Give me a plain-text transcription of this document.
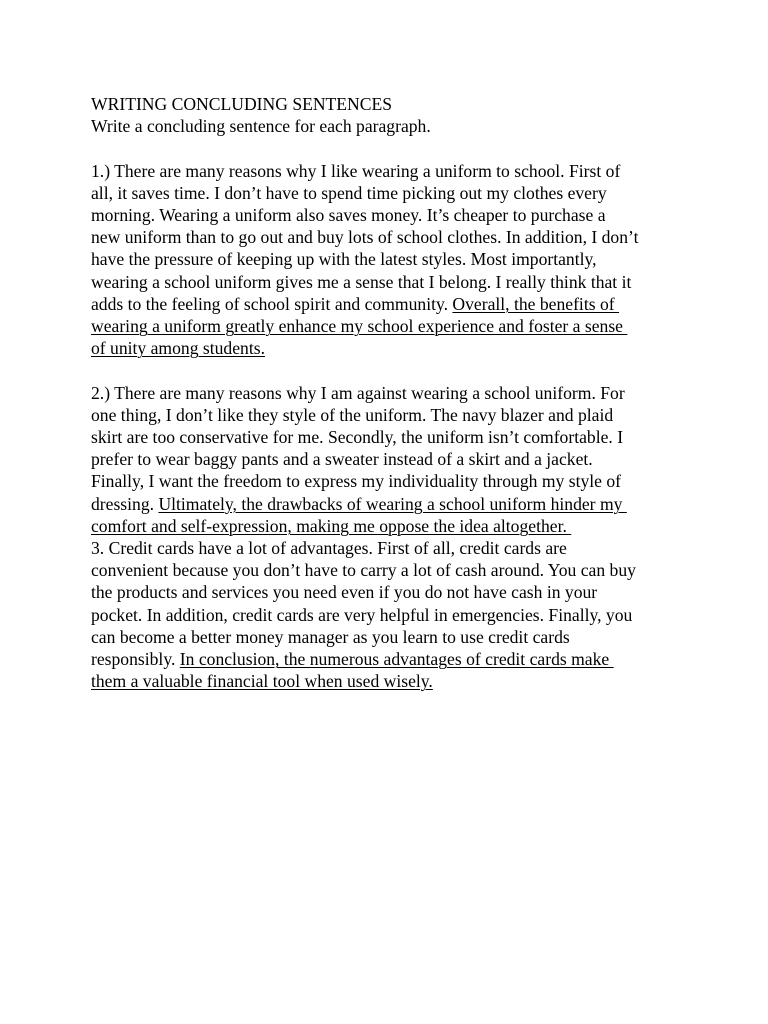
WRITING CONCLUDING SENTENCES
Write a concluding sentence for each paragraph.
1.) There are many reasons why I like wearing a uniform to school. First of
all, it saves time. I don’t have to spend time picking out my clothes every
morning. Wearing a uniform also saves money. It’s cheaper to purchase a
new uniform than to go out and buy lots of school clothes. In addition, I don’t
have the pressure of keeping up with the latest styles. Most importantly,
wearing a school uniform gives me a sense that I belong. I really think that it
adds to the feeling of school spirit and community. Overall, the benefits of
wearing a uniform greatly enhance my school experience and foster a sense
of unity among students.
2.) There are many reasons why I am against wearing a school uniform. For
one thing, I don’t like they style of the uniform. The navy blazer and plaid
skirt are too conservative for me. Secondly, the uniform isn’t comfortable. I
prefer to wear baggy pants and a sweater instead of a skirt and a jacket.
Finally, I want the freedom to express my individuality through my style of
dressing. Ultimately, the drawbacks of wearing a school uniform hinder my
comfort and self-expression, making me oppose the idea altogether.
3. Credit cards have a lot of advantages. First of all, credit cards are
convenient because you don’t have to carry a lot of cash around. You can buy
the products and services you need even if you do not have cash in your
pocket. In addition, credit cards are very helpful in emergencies. Finally, you
can become a better money manager as you learn to use credit cards
responsibly. In conclusion, the numerous advantages of credit cards make
them a valuable financial tool when used wisely.
